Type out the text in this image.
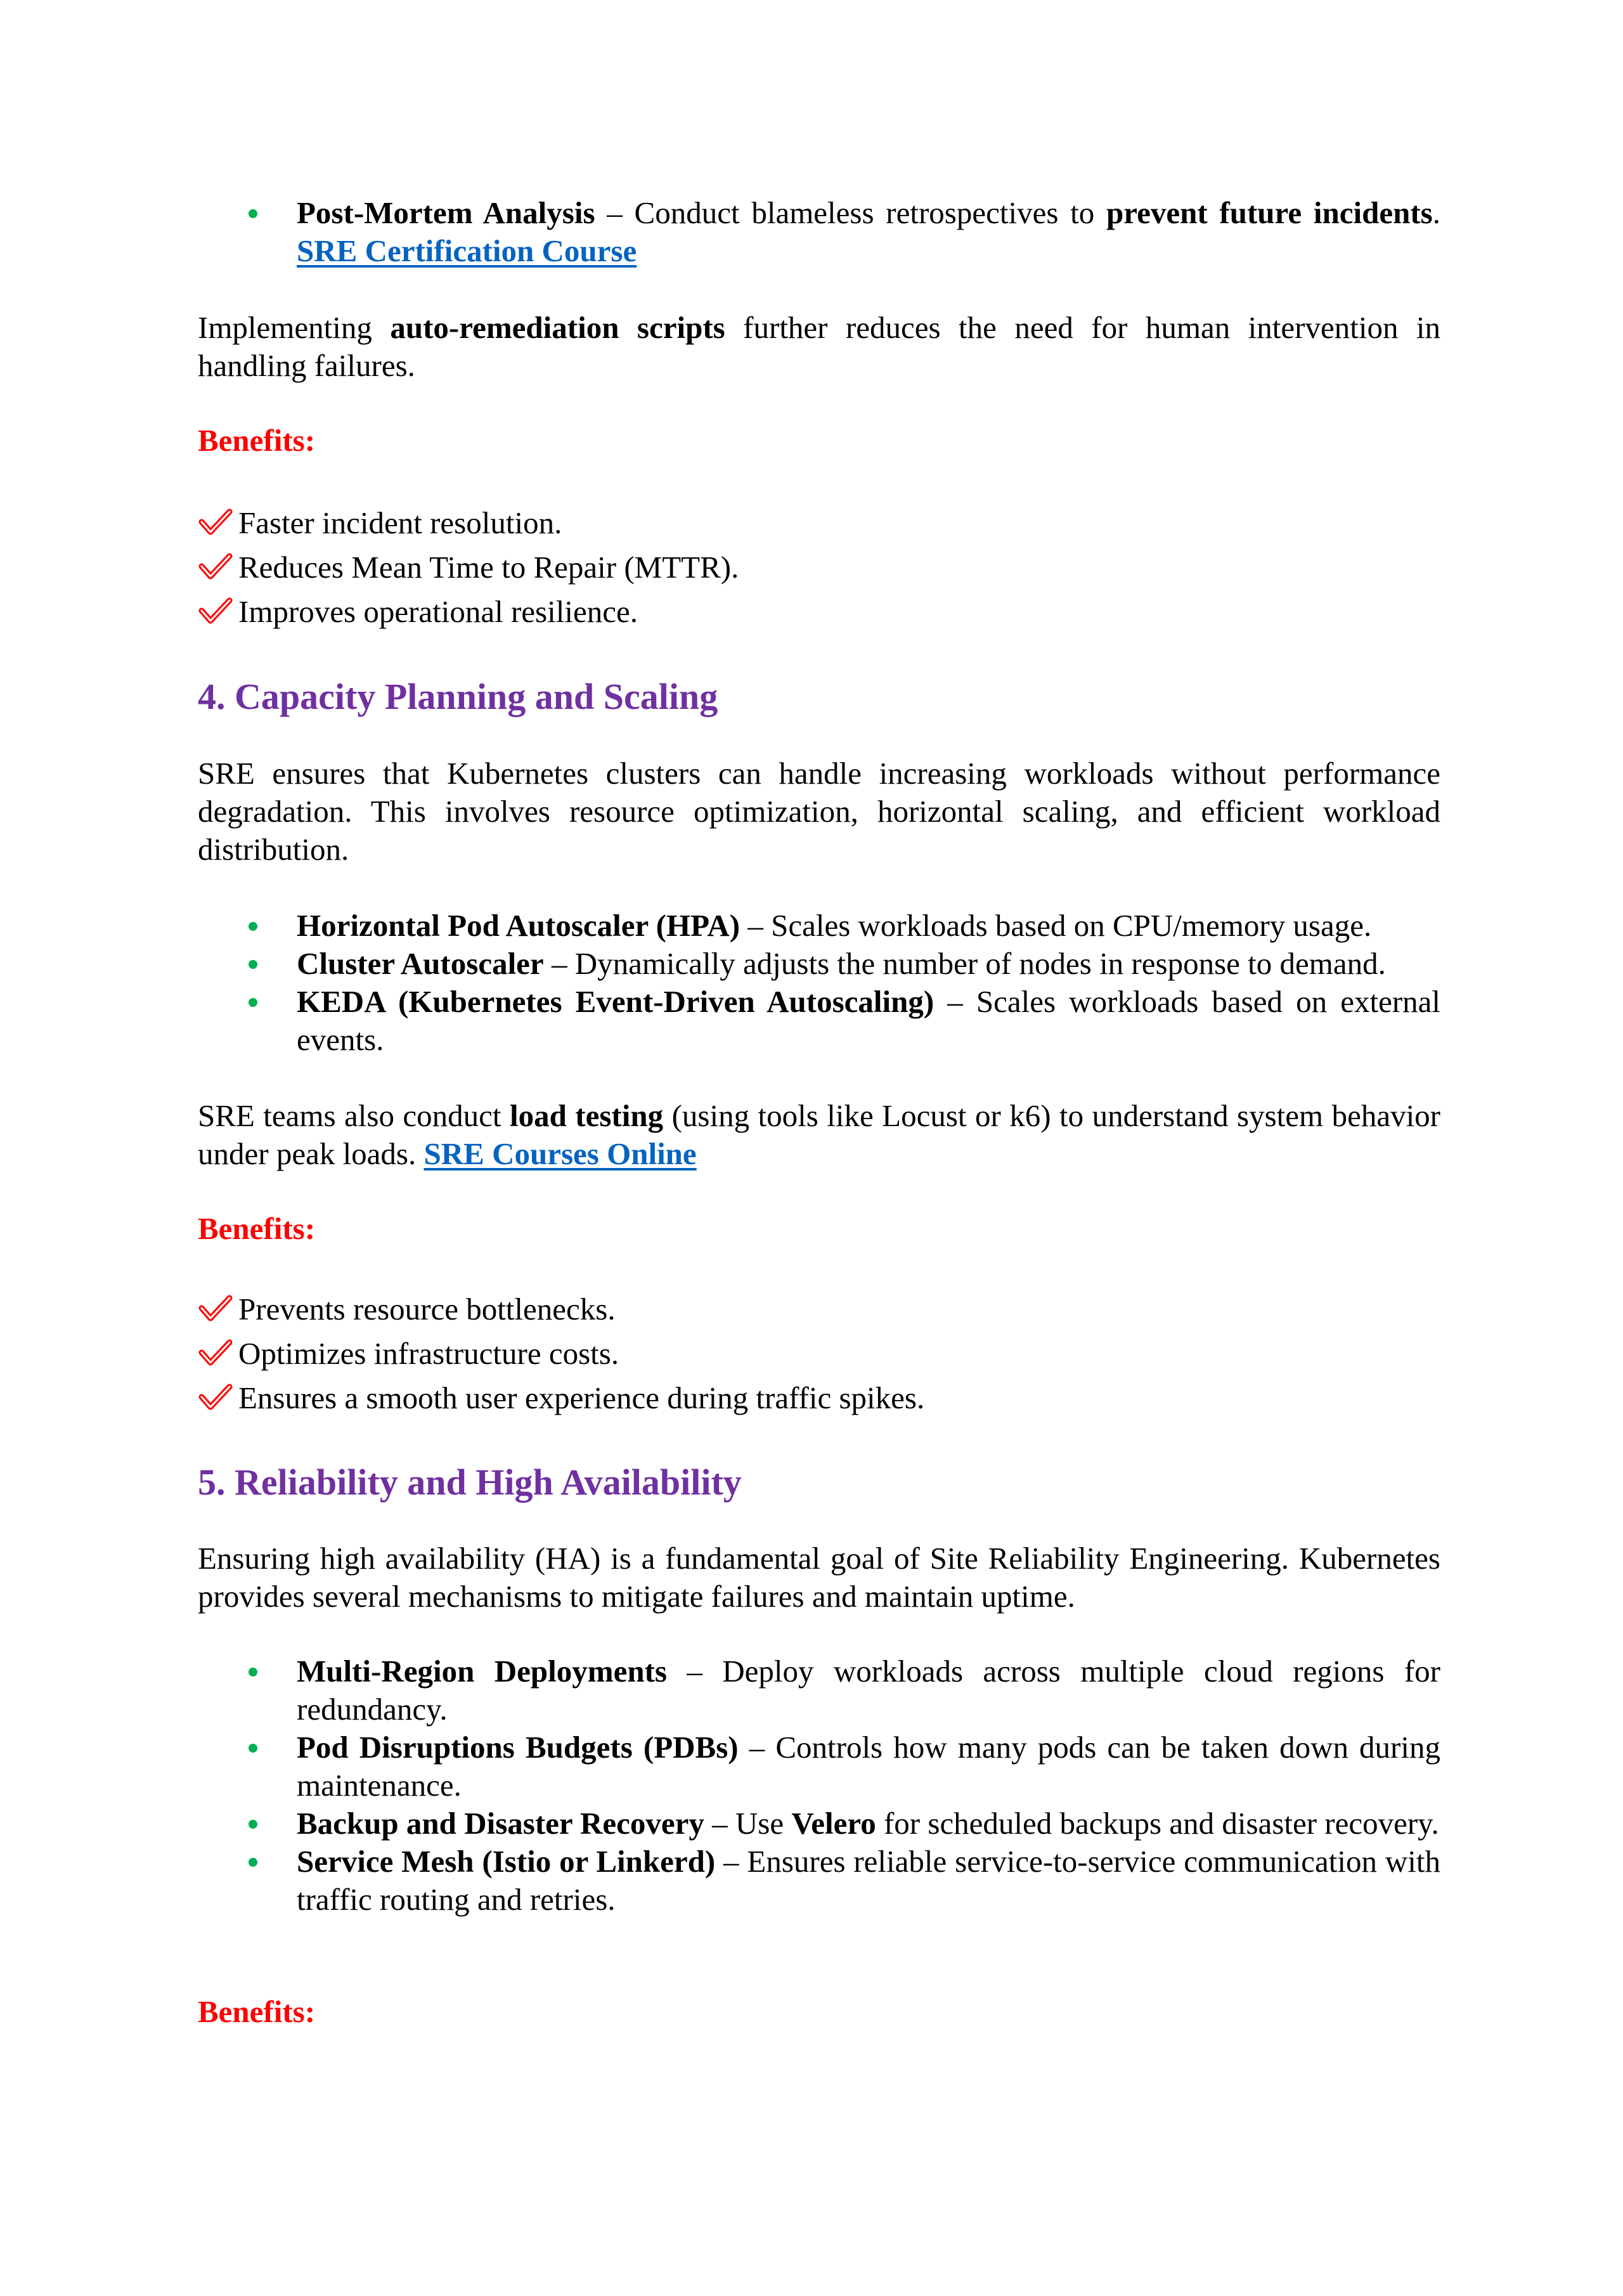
Post-Mortem Analysis – Conduct blameless retrospectives to prevent future incidents. SRE Certification Course

Implementing auto-remediation scripts further reduces the need for human intervention in handling failures.

Benefits:
Faster incident resolution.
Reduces Mean Time to Repair (MTTR).
Improves operational resilience.
4. Capacity Planning and Scaling

SRE ensures that Kubernetes clusters can handle increasing workloads without performance degradation. This involves resource optimization, horizontal scaling, and efficient workload distribution.

Horizontal Pod Autoscaler (HPA) – Scales workloads based on CPU/memory usage.
Cluster Autoscaler – Dynamically adjusts the number of nodes in response to demand.
KEDA (Kubernetes Event-Driven Autoscaling) – Scales workloads based on external events.

SRE teams also conduct load testing (using tools like Locust or k6) to understand system behavior under peak loads. SRE Courses Online

Benefits:
Prevents resource bottlenecks.
Optimizes infrastructure costs.
Ensures a smooth user experience during traffic spikes.
5. Reliability and High Availability

Ensuring high availability (HA) is a fundamental goal of Site Reliability Engineering. Kubernetes provides several mechanisms to mitigate failures and maintain uptime.

Multi-Region Deployments – Deploy workloads across multiple cloud regions for redundancy.
Pod Disruptions Budgets (PDBs) – Controls how many pods can be taken down during maintenance.
Backup and Disaster Recovery – Use Velero for scheduled backups and disaster recovery.
Service Mesh (Istio or Linkerd) – Ensures reliable service-to-service communication with traffic routing and retries.
Benefits:
